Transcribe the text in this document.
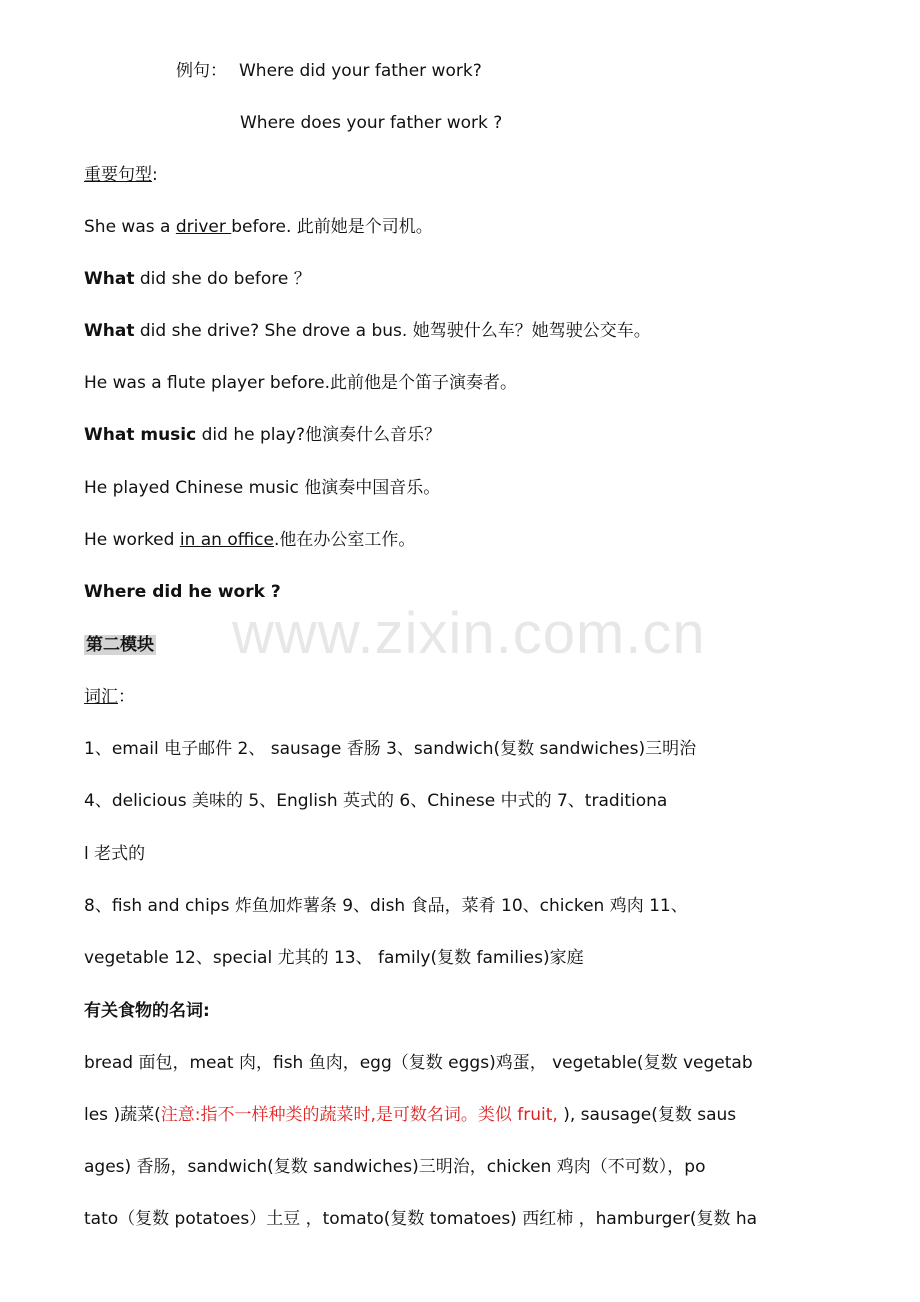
www.zixin.com.cn
例句： Where did your father work?
Where does your father work ?
重要句型:
She was a driver before. 此前她是个司机。
What did she do before ？
What did she drive? She drove a bus. 她驾驶什么车？她驾驶公交车。
He was a flute player before.此前他是个笛子演奏者。
What music did he play?他演奏什么音乐？
He played Chinese music 他演奏中国音乐。
He worked in an office.他在办公室工作。
Where did he work ?
第二模块
词汇：
1、email 电子邮件 2、 sausage 香肠 3、sandwich(复数 sandwiches)三明治
4、delicious 美味的 5、English 英式的 6、Chinese 中式的 7、traditiona
l 老式的
8、fish and chips 炸鱼加炸薯条 9、dish 食品，菜肴 10、chicken 鸡肉 11、
vegetable 12、special 尤其的 13、 family(复数 families)家庭
有关食物的名词:
bread 面包，meat 肉，fish 鱼肉，egg（复数 eggs)鸡蛋， vegetable(复数 vegetab
les )蔬菜(注意:指不一样种类的蔬菜时,是可数名词。类似 fruit, ), sausage(复数 saus
ages) 香肠，sandwich(复数 sandwiches)三明治，chicken 鸡肉（不可数），po
tato（复数 potatoes）土豆 ，tomato(复数 tomatoes) 西红柿 ，hamburger(复数 ha
